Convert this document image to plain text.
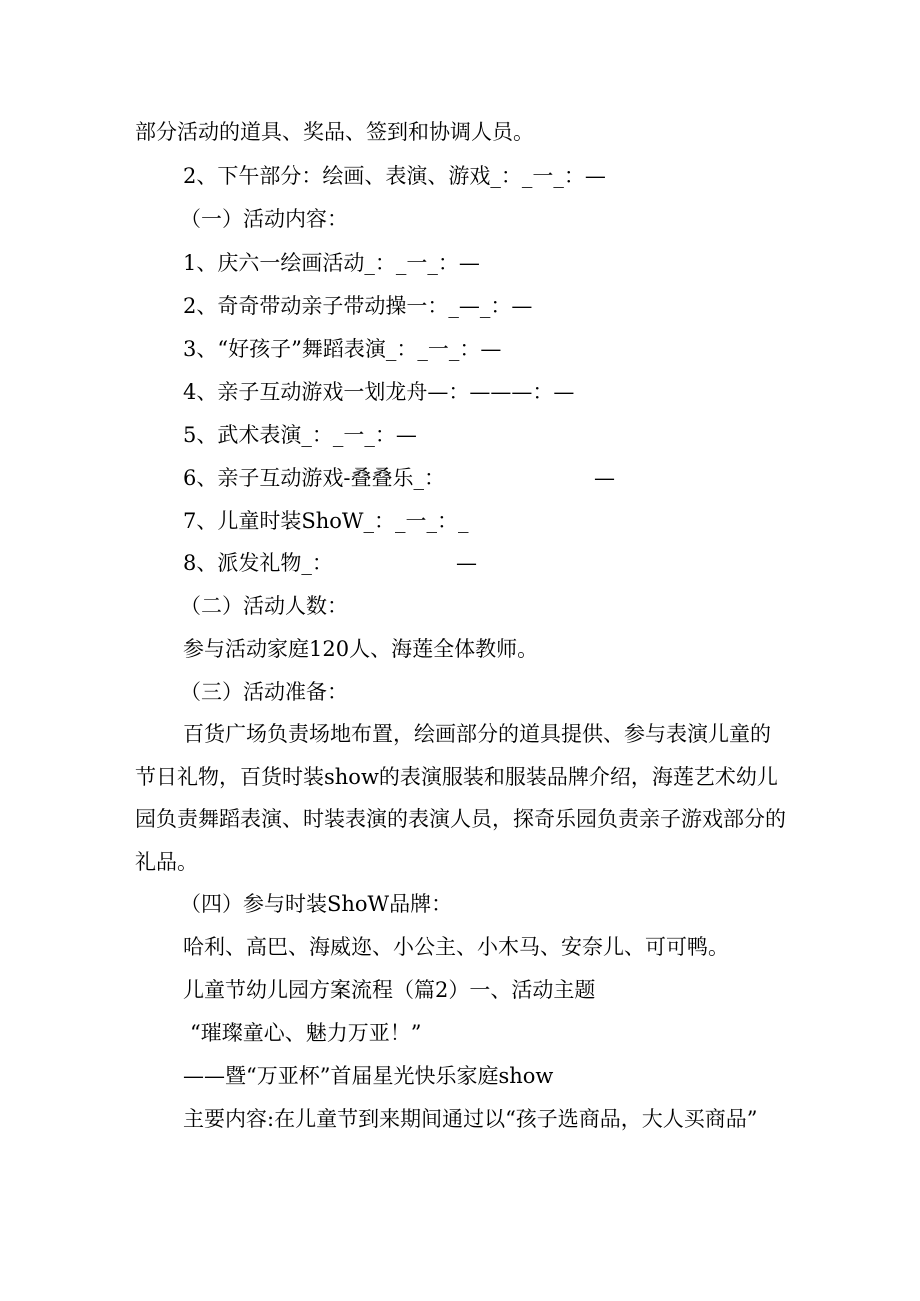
部分活动的道具、奖品、签到和协调人员。

2、下午部分：绘画、表演、游戏_：_一_：—

（一）活动内容：

1、庆六一绘画活动_：_一_：—

2、奇奇带动亲子带动操一：_—_：—

3、“好孩子”舞蹈表演_：_一_：—

4、亲子互动游戏一划龙舟—：———：—

5、武术表演_：_一_：—

6、亲子互动游戏-叠叠乐_：	—

7、儿童时装ShoW_：_一_：_

8、派发礼物_：	—

（二）活动人数：

参与活动家庭120人、海莲全体教师。

（三）活动准备：

百货广场负责场地布置，绘画部分的道具提供、参与表演儿童的节日礼物，百货时装show的表演服装和服装品牌介绍，海莲艺术幼儿园负责舞蹈表演、时装表演的表演人员，探奇乐园负责亲子游戏部分的礼品。

（四）参与时装ShoW品牌：

哈利、高巴、海威迩、小公主、小木马、安奈儿、可可鸭。

儿童节幼儿园方案流程（篇2）一、活动主题

“璀璨童心、魅力万亚！”

——暨“万亚杯”首届星光快乐家庭show

主要内容:在儿童节到来期间通过以“孩子选商品，大人买商品”
